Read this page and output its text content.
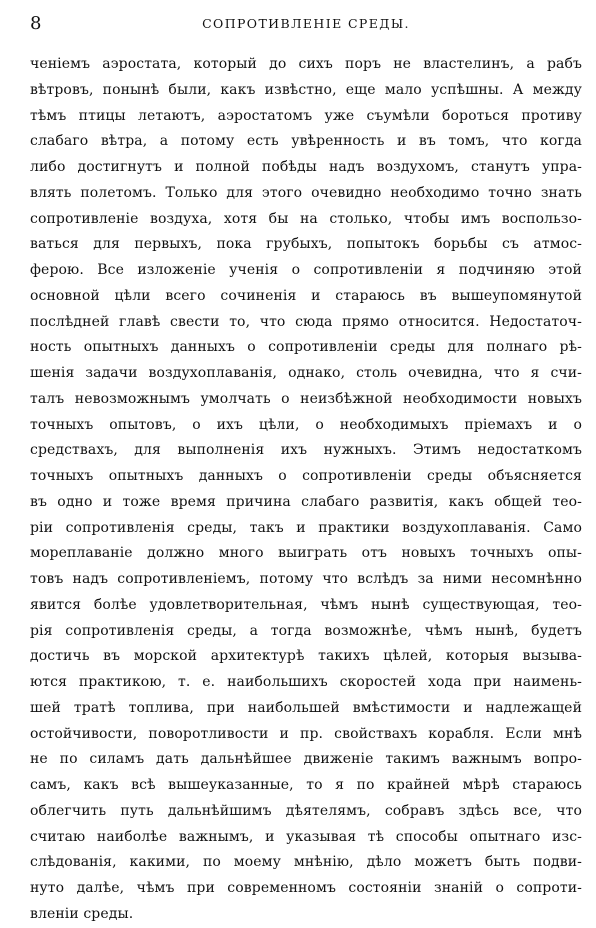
8	СОПРОТИВЛЕНІЕ СРЕДЫ.
ченіемъ аэростата, который до сихъ поръ не властелинъ, а рабъ
вѣтровъ, понынѣ были, какъ извѣстно, еще мало успѣшны. А между
тѣмъ птицы летаютъ, аэростатомъ уже съумѣли бороться противу
слабаго вѣтра, а потому есть увѣренность и въ томъ, что когда
либо достигнутъ и полной побѣды надъ воздухомъ, станутъ упра-
влять полетомъ. Только для этого очевидно необходимо точно знать
сопротивленіе воздуха, хотя бы на столько, чтобы имъ воспользо-
ваться для первыхъ, пока грубыхъ, попытокъ борьбы съ атмос-
ферою. Все изложеніе ученія о сопротивленіи я подчиняю этой
основной цѣли всего сочиненія и стараюсь въ вышеупомянутой
послѣдней главѣ свести то, что сюда прямо относится. Недостаточ-
ность опытныхъ данныхъ о сопротивленіи среды для полнаго рѣ-
шенія задачи воздухоплаванія, однако, столь очевидна, что я счи-
талъ невозможнымъ умолчать о неизбѣжной необходимости новыхъ
точныхъ опытовъ, о ихъ цѣли, о необходимыхъ пріемахъ и о
средствахъ, для выполненія ихъ нужныхъ. Этимъ недостаткомъ
точныхъ опытныхъ данныхъ о сопротивленіи среды объясняется
въ одно и тоже время причина слабаго развитія, какъ общей тео-
ріи сопротивленія среды, такъ и практики воздухоплаванія. Само
мореплаваніе должно много выиграть отъ новыхъ точныхъ опы-
товъ надъ сопротивленіемъ, потому что вслѣдъ за ними несомнѣнно
явится болѣе удовлетворительная, чѣмъ нынѣ существующая, тео-
рія сопротивленія среды, а тогда возможнѣе, чѣмъ нынѣ, будетъ
достичь въ морской архитектурѣ такихъ цѣлей, которыя вызыва-
ются практикою, т. е. наибольшихъ скоростей хода при наимень-
шей тратѣ топлива, при наибольшей вмѣстимости и надлежащей
остойчивости, поворотливости и пр. свойствахъ корабля. Если мнѣ
не по силамъ дать дальнѣйшее движеніе такимъ важнымъ вопро-
самъ, какъ всѣ вышеуказанные, то я по крайней мѣрѣ стараюсь
облегчить путь дальнѣйшимъ дѣятелямъ, собравъ здѣсь все, что
считаю наиболѣе важнымъ, и указывая тѣ способы опытнаго изс-
слѣдованія, какими, по моему мнѣнію, дѣло можетъ быть подви-
нуто далѣе, чѣмъ при современномъ состояніи знаній о сопроти-
вленіи среды.
